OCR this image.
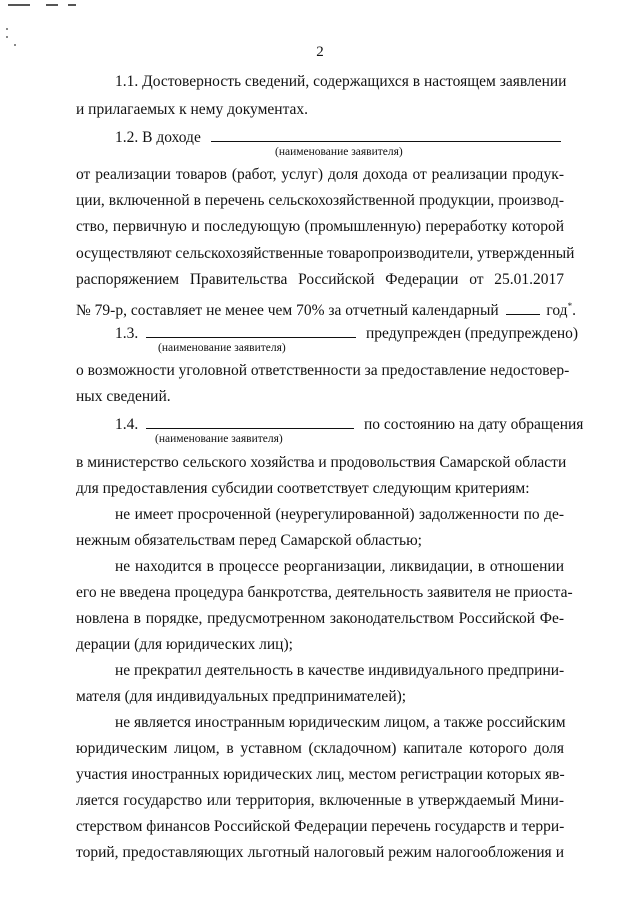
2
1.1. Достоверность сведений, содержащихся в настоящем заявлении
и прилагаемых к нему документах.
1.2. В доходе
(наименование заявителя)
от реализации товаров (работ, услуг) доля дохода от реализации продук-
ции, включенной в перечень сельскохозяйственной продукции, производ-
ство, первичную и последующую (промышленную) переработку которой
осуществляют сельскохозяйственные товаропроизводители, утвержденный
распоряжением Правительства Российской Федерации от 25.01.2017
№ 79-р, составляет не менее чем 70% за отчетный календарный	год*.
1.3.	предупрежден (предупреждено)
(наименование заявителя)
о возможности уголовной ответственности за предоставление недостовер-
ных сведений.
1.4.	по состоянию на дату обращения
(наименование заявителя)
в министерство сельского хозяйства и продовольствия Самарской области
для предоставления субсидии соответствует следующим критериям:
не имеет просроченной (неурегулированной) задолженности по де-
нежным обязательствам перед Самарской областью;
не находится в процессе реорганизации, ликвидации, в отношении
его не введена процедура банкротства, деятельность заявителя не приоста-
новлена в порядке, предусмотренном законодательством Российской Фе-
дерации (для юридических лиц);
не прекратил деятельность в качестве индивидуального предприни-
мателя (для индивидуальных предпринимателей);
не является иностранным юридическим лицом, а также российским
юридическим лицом, в уставном (складочном) капитале которого доля
участия иностранных юридических лиц, местом регистрации которых яв-
ляется государство или территория, включенные в утверждаемый Мини-
стерством финансов Российской Федерации перечень государств и терри-
торий, предоставляющих льготный налоговый режим налогообложения и
